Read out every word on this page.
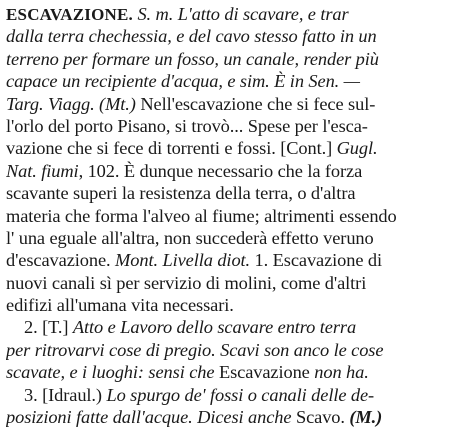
ESCAVAZIONE. S. m. L'atto di scavare, e trar
dalla terra chechessia, e del cavo stesso fatto in un
terreno per formare un fosso, un canale, render più
capace un recipiente d'acqua, e sim. È in Sen. —
Targ. Viagg. (Mt.) Nell'escavazione che si fece sul-
l'orlo del porto Pisano, si trovò... Spese per l'esca-
vazione che si fece di torrenti e fossi. [Cont.] Gugl.
Nat. fiumi, 102. È dunque necessario che la forza
scavante superi la resistenza della terra, o d'altra
materia che forma l'alveo al fiume; altrimenti essendo
l' una eguale all'altra, non succederà effetto veruno
d'escavazione. Mont. Livella diot. 1. Escavazione di
nuovi canali sì per servizio di molini, come d'altri
edifizi all'umana vita necessari.
2. [T.] Atto e Lavoro dello scavare entro terra
per ritrovarvi cose di pregio. Scavi son anco le cose
scavate, e i luoghi: sensi che Escavazione non ha.
3. [Idraul.) Lo spurgo de' fossi o canali delle de-
posizioni fatte dall'acque. Dicesi anche Scavo. (M.)
